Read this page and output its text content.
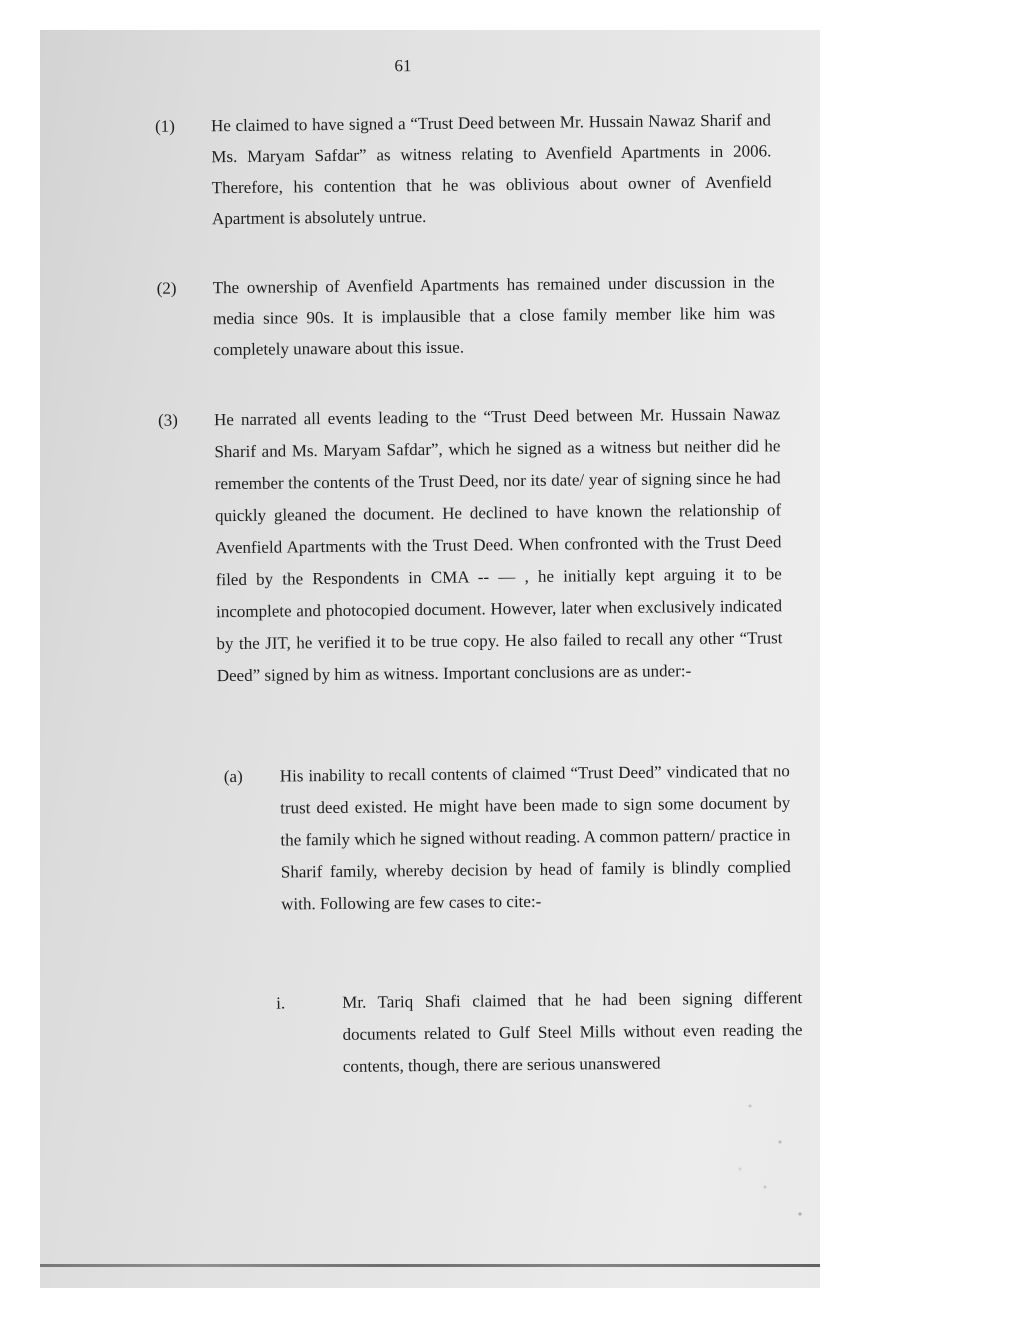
61
(1) He claimed to have signed a “Trust Deed between Mr. Hussain Nawaz Sharif and Ms. Maryam Safdar” as witness relating to Avenfield Apartments in 2006. Therefore, his contention that he was oblivious about owner of Avenfield Apartment is absolutely untrue.
(2) The ownership of Avenfield Apartments has remained under discussion in the media since 90s. It is implausible that a close family member like him was completely unaware about this issue.
(3) He narrated all events leading to the “Trust Deed between Mr. Hussain Nawaz Sharif and Ms. Maryam Safdar”, which he signed as a witness but neither did he remember the contents of the Trust Deed, nor its date/ year of signing since he had quickly gleaned the document. He declined to have known the relationship of Avenfield Apartments with the Trust Deed. When confronted with the Trust Deed filed by the Respondents in CMA -- — , he initially kept arguing it to be incomplete and photocopied document. However, later when exclusively indicated by the JIT, he verified it to be true copy. He also failed to recall any other “Trust Deed” signed by him as witness. Important conclusions are as under:-
(a) His inability to recall contents of claimed “Trust Deed” vindicated that no trust deed existed. He might have been made to sign some document by the family which he signed without reading. A common pattern/ practice in Sharif family, whereby decision by head of family is blindly complied with. Following are few cases to cite:-
i.	Mr. Tariq Shafi claimed that he had been signing different documents related to Gulf Steel Mills without even reading the contents, though, there are serious unanswered
